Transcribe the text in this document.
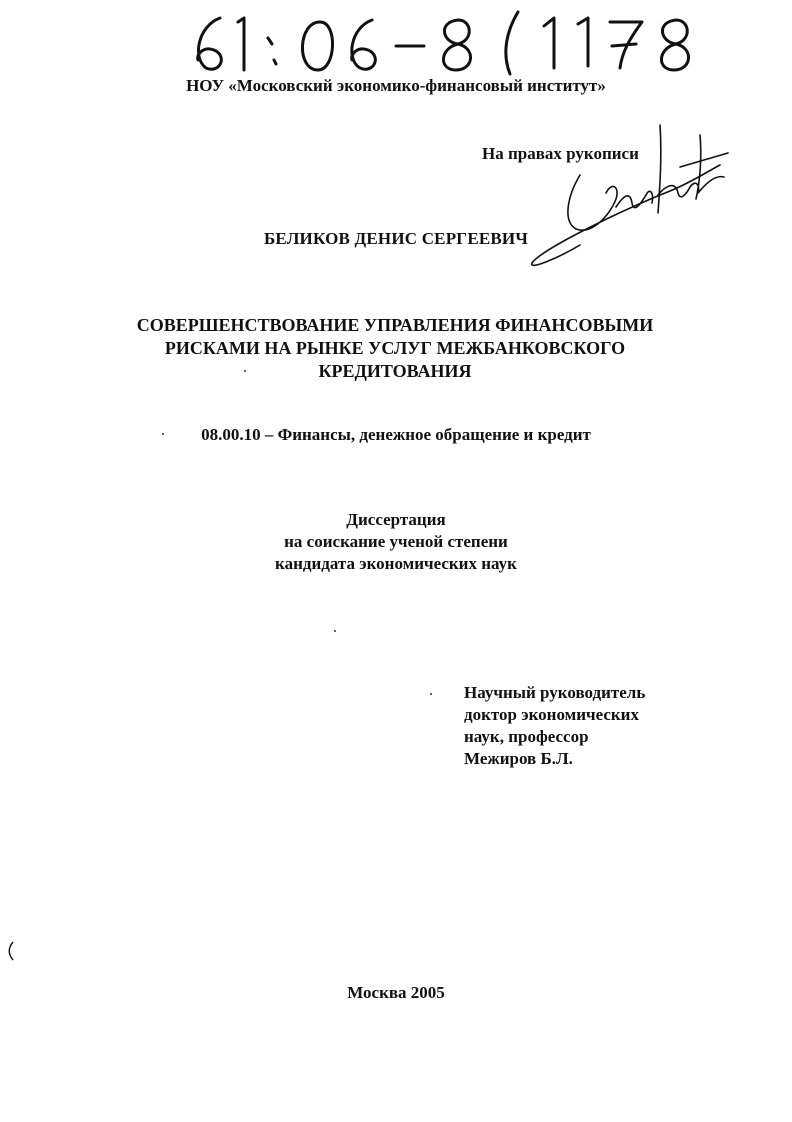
НОУ «Московский экономико-финансовый институт»
На правах рукописи
БЕЛИКОВ ДЕНИС СЕРГЕЕВИЧ
СОВЕРШЕНСТВОВАНИЕ УПРАВЛЕНИЯ ФИНАНСОВЫМИ
РИСКАМИ НА РЫНКЕ УСЛУГ МЕЖБАНКОВСКОГО
КРЕДИТОВАНИЯ
08.00.10 – Финансы, денежное обращение и кредит
Диссертация
на соискание ученой степени
кандидата экономических наук
Научный руководитель
доктор экономических
наук, профессор
Межиров Б.Л.
Москва 2005
